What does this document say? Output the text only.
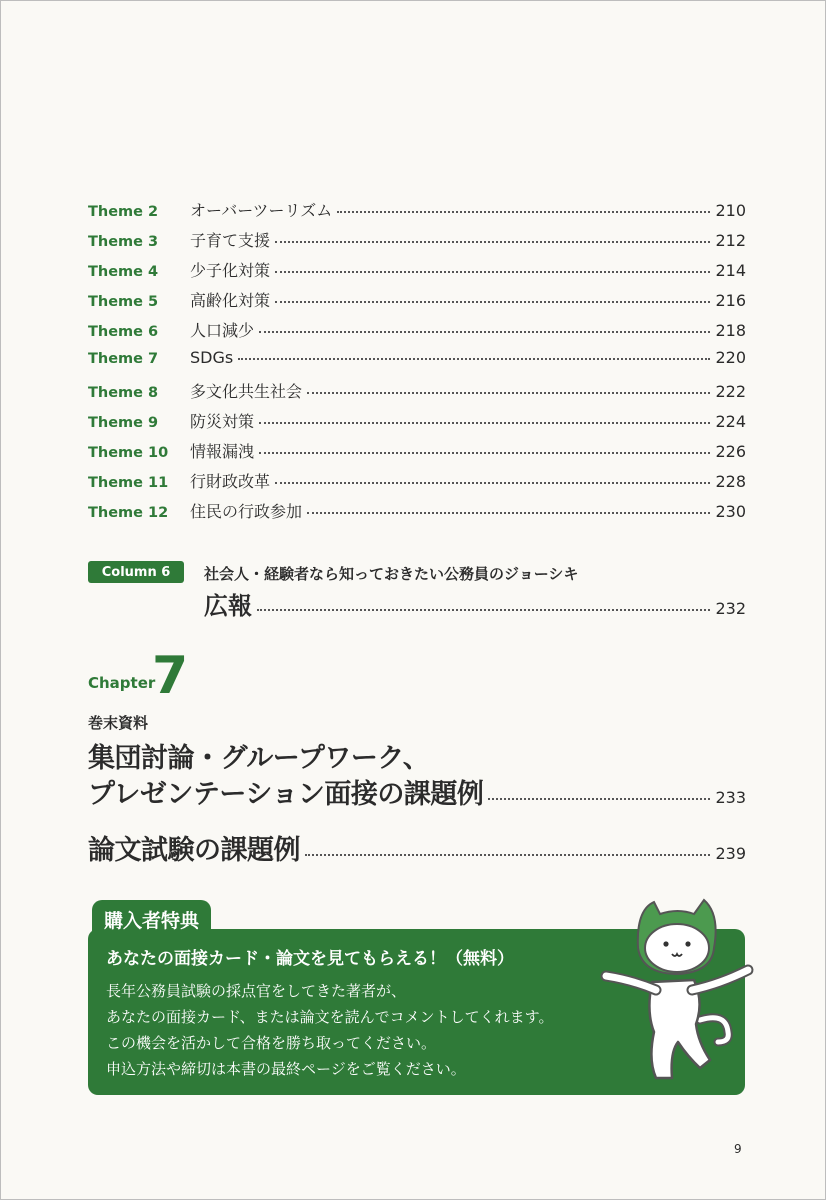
Theme 2	オーバーツーリズム	210
Theme 3	子育て支援	212
Theme 4	少子化対策	214
Theme 5	高齢化対策	216
Theme 6	人口減少	218
Theme 7	SDGs	220
Theme 8	多文化共生社会	222
Theme 9	防災対策	224
Theme 10	情報漏洩	226
Theme 11	行財政改革	228
Theme 12	住民の行政参加	230
Column 6	社会人・経験者なら知っておきたい公務員のジョーシキ
広報	232
Chapter
7
巻末資料
集団討論・グループワーク、
プレゼンテーション面接の課題例	233
論文試験の課題例	239
購入者特典
あなたの面接カード・論文を見てもらえる！（無料）
長年公務員試験の採点官をしてきた著者が、
あなたの面接カード、または論文を読んでコメントしてくれます。
この機会を活かして合格を勝ち取ってください。
申込方法や締切は本書の最終ページをご覧ください。
9
